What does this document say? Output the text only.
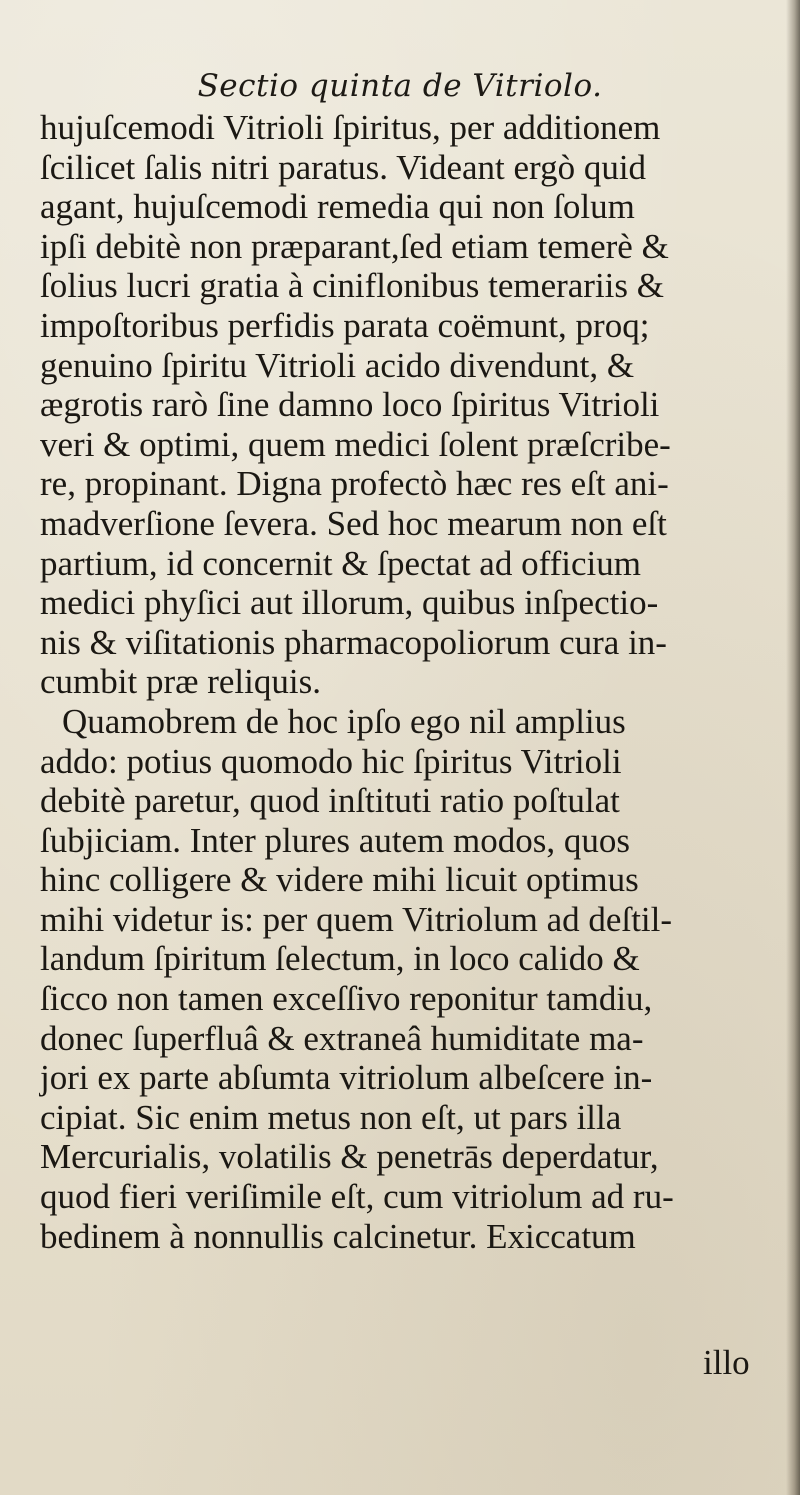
Sectio quinta de Vitriolo.
hujuſcemodi Vitrioli ſpiritus, per additionem
ſcilicet ſalis nitri paratus. Videant ergò quid
agant, hujuſcemodi remedia qui non ſolum
ipſi debitè non præparant,ſed etiam temerè &
ſolius lucri gratia à ciniflonibus temerariis &
impoſtoribus perfidis parata coëmunt, proq;
genuino ſpiritu Vitrioli acido divendunt, &
ægrotis rarò ſine damno loco ſpiritus Vitrioli
veri & optimi, quem medici ſolent præſcribe-
re, propinant. Digna profectò hæc res eſt ani-
madverſione ſevera. Sed hoc mearum non eſt
partium, id concernit & ſpectat ad officium
medici phyſici aut illorum, quibus inſpectio-
nis & viſitationis pharmacopoliorum cura in-
cumbit præ reliquis.
Quamobrem de hoc ipſo ego nil amplius
addo: potius quomodo hic ſpiritus Vitrioli
debitè paretur, quod inſtituti ratio poſtulat
ſubjiciam. Inter plures autem modos, quos
hinc colligere & videre mihi licuit optimus
mihi videtur is: per quem Vitriolum ad deſtil-
landum ſpiritum ſelectum, in loco calido &
ſicco non tamen exceſſivo reponitur tamdiu,
donec ſuperfluâ & extraneâ humiditate ma-
jori ex parte abſumta vitriolum albeſcere in-
cipiat. Sic enim metus non eſt, ut pars illa
Mercurialis, volatilis & penetrās deperdatur,
quod fieri veriſimile eſt, cum vitriolum ad ru-
bedinem à nonnullis calcinetur. Exiccatum
illo
